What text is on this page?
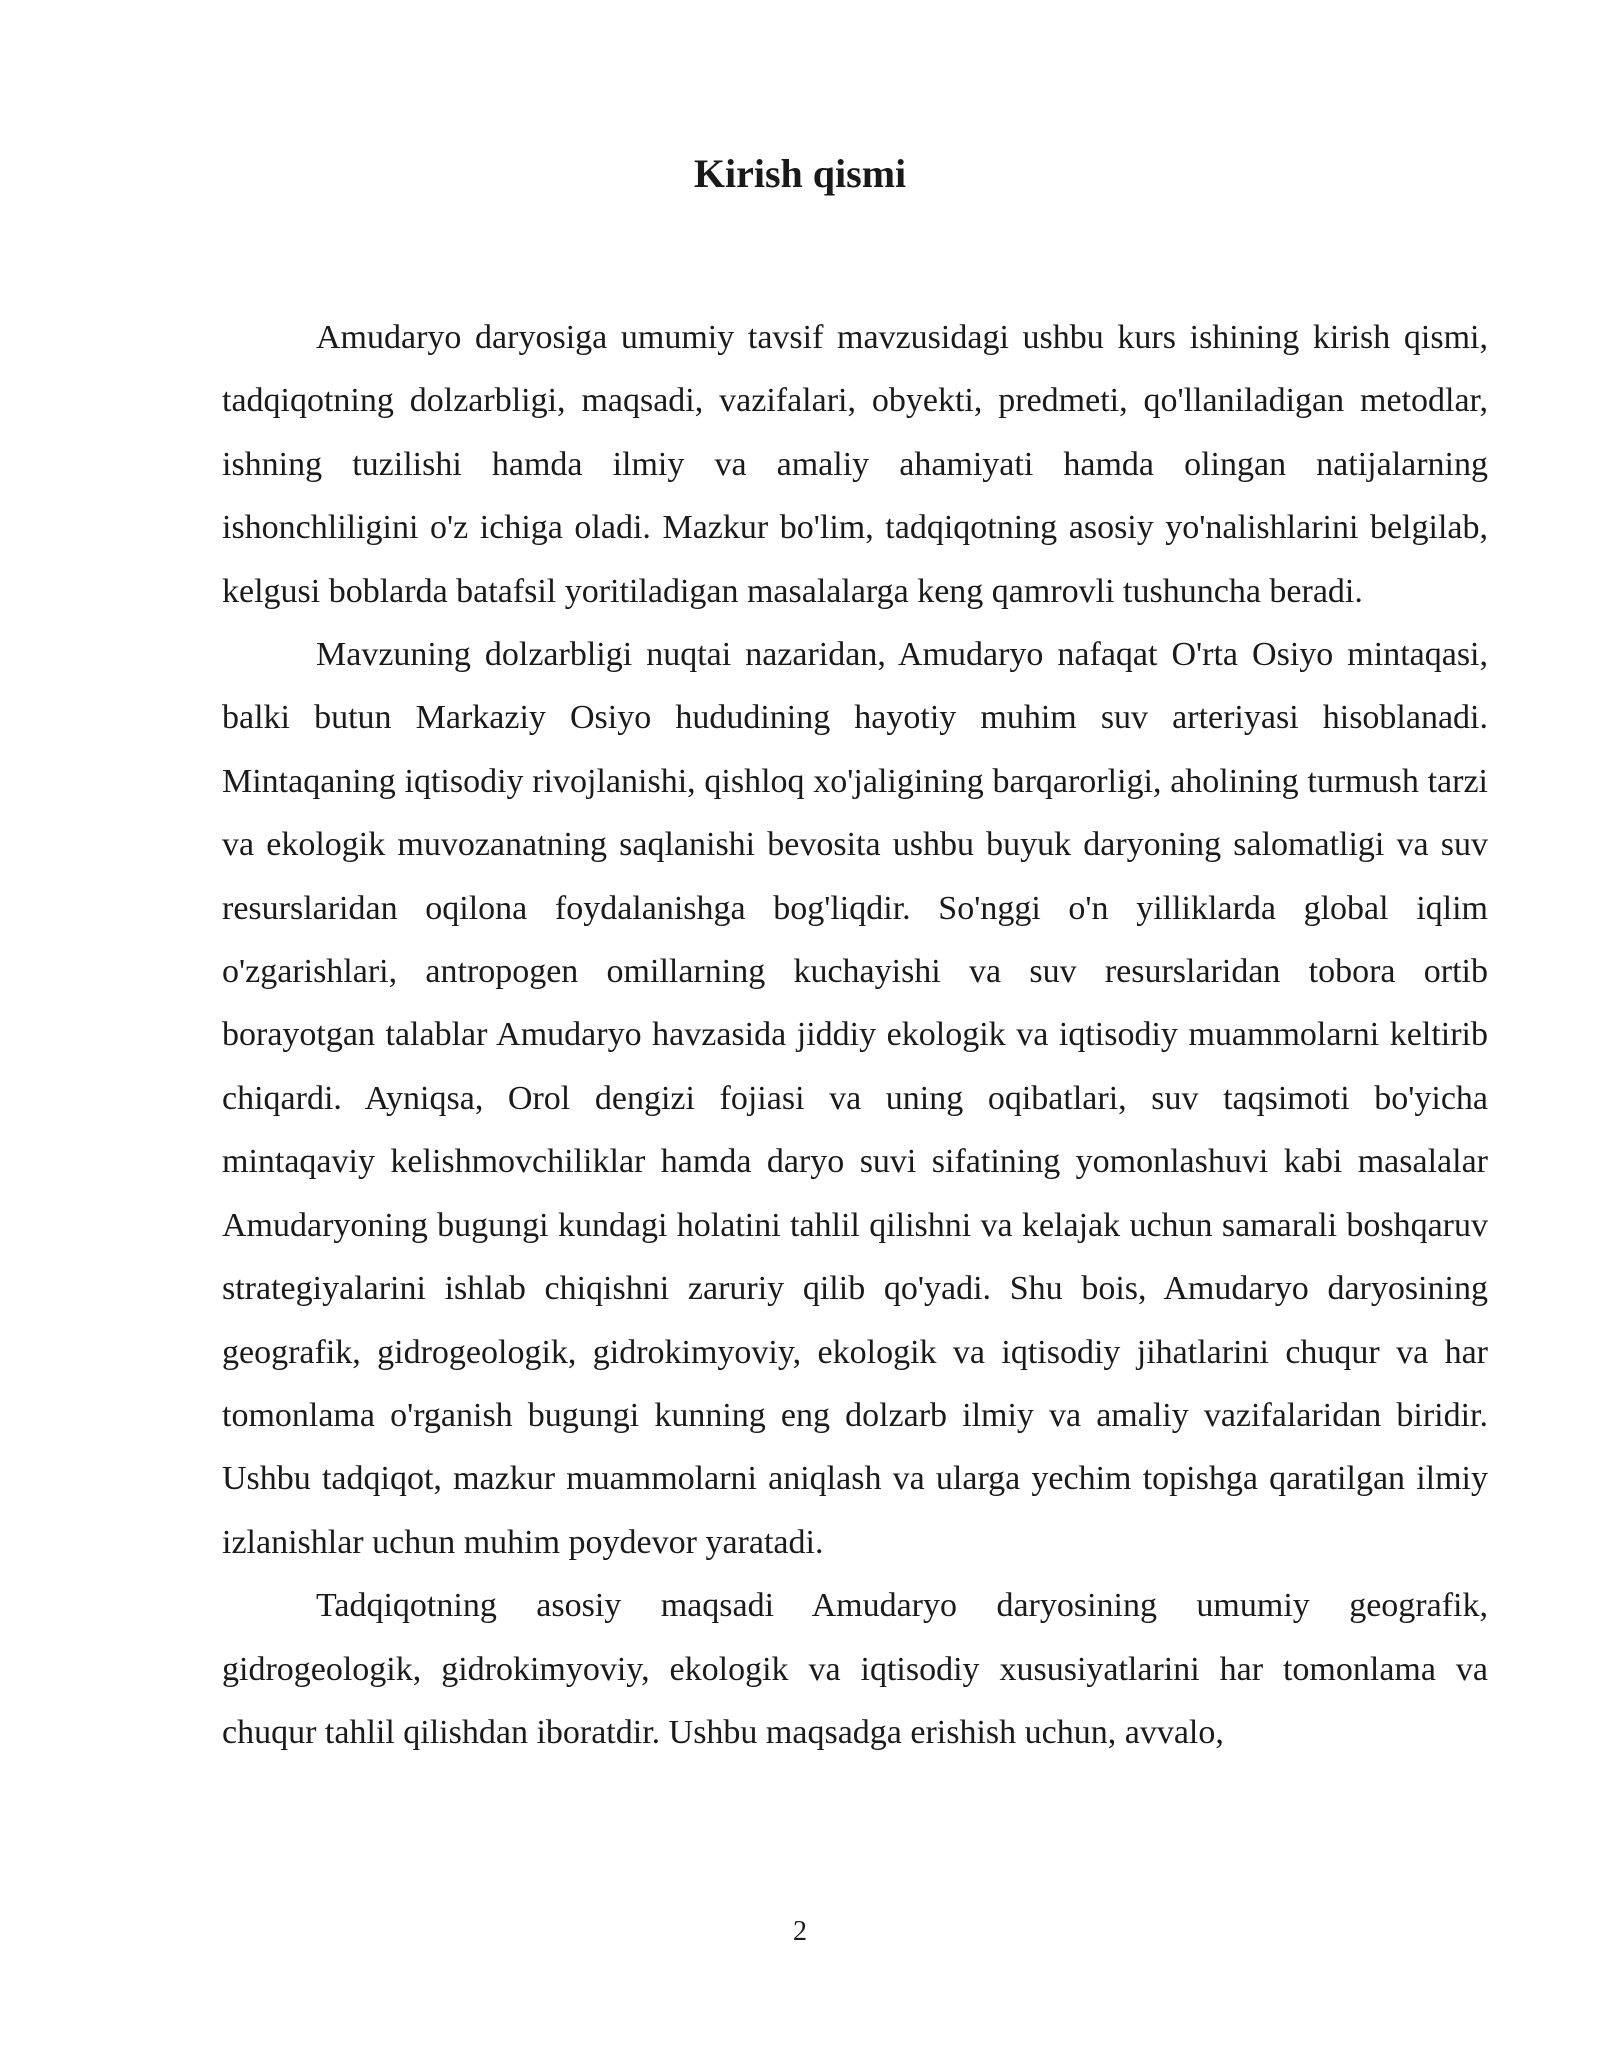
Kirish qismi

Amudaryo daryosiga umumiy tavsif mavzusidagi ushbu kurs ishining kirish qismi, tadqiqotning dolzarbligi, maqsadi, vazifalari, obyekti, predmeti, qo'llaniladigan metodlar, ishning tuzilishi hamda ilmiy va amaliy ahamiyati hamda olingan natijalarning ishonchliligini o'z ichiga oladi. Mazkur bo'lim, tadqiqotning asosiy yo'nalishlarini belgilab, kelgusi boblarda batafsil yoritiladigan masalalarga keng qamrovli tushuncha beradi.

Mavzuning dolzarbligi nuqtai nazaridan, Amudaryo nafaqat O'rta Osiyo mintaqasi, balki butun Markaziy Osiyo hududining hayotiy muhim suv arteriyasi hisoblanadi. Mintaqaning iqtisodiy rivojlanishi, qishloq xo'jaligining barqarorligi, aholining turmush tarzi va ekologik muvozanatning saqlanishi bevosita ushbu buyuk daryoning salomatligi va suv resurslaridan oqilona foydalanishga bog'liqdir. So'nggi o'n yilliklarda global iqlim o'zgarishlari, antropogen omillarning kuchayishi va suv resurslaridan tobora ortib borayotgan talablar Amudaryo havzasida jiddiy ekologik va iqtisodiy muammolarni keltirib chiqardi. Ayniqsa, Orol dengizi fojiasi va uning oqibatlari, suv taqsimoti bo'yicha mintaqaviy kelishmovchiliklar hamda daryo suvi sifatining yomonlashuvi kabi masalalar Amudaryoning bugungi kundagi holatini tahlil qilishni va kelajak uchun samarali boshqaruv strategiyalarini ishlab chiqishni zaruriy qilib qo'yadi. Shu bois, Amudaryo daryosining geografik, gidrogeologik, gidrokimyoviy, ekologik va iqtisodiy jihatlarini chuqur va har tomonlama o'rganish bugungi kunning eng dolzarb ilmiy va amaliy vazifalaridan biridir. Ushbu tadqiqot, mazkur muammolarni aniqlash va ularga yechim topishga qaratilgan ilmiy izlanishlar uchun muhim poydevor yaratadi.

Tadqiqotning asosiy maqsadi Amudaryo daryosining umumiy geografik, gidrogeologik, gidrokimyoviy, ekologik va iqtisodiy xususiyatlarini har tomonlama va chuqur tahlil qilishdan iboratdir. Ushbu maqsadga erishish uchun, avvalo,

2
